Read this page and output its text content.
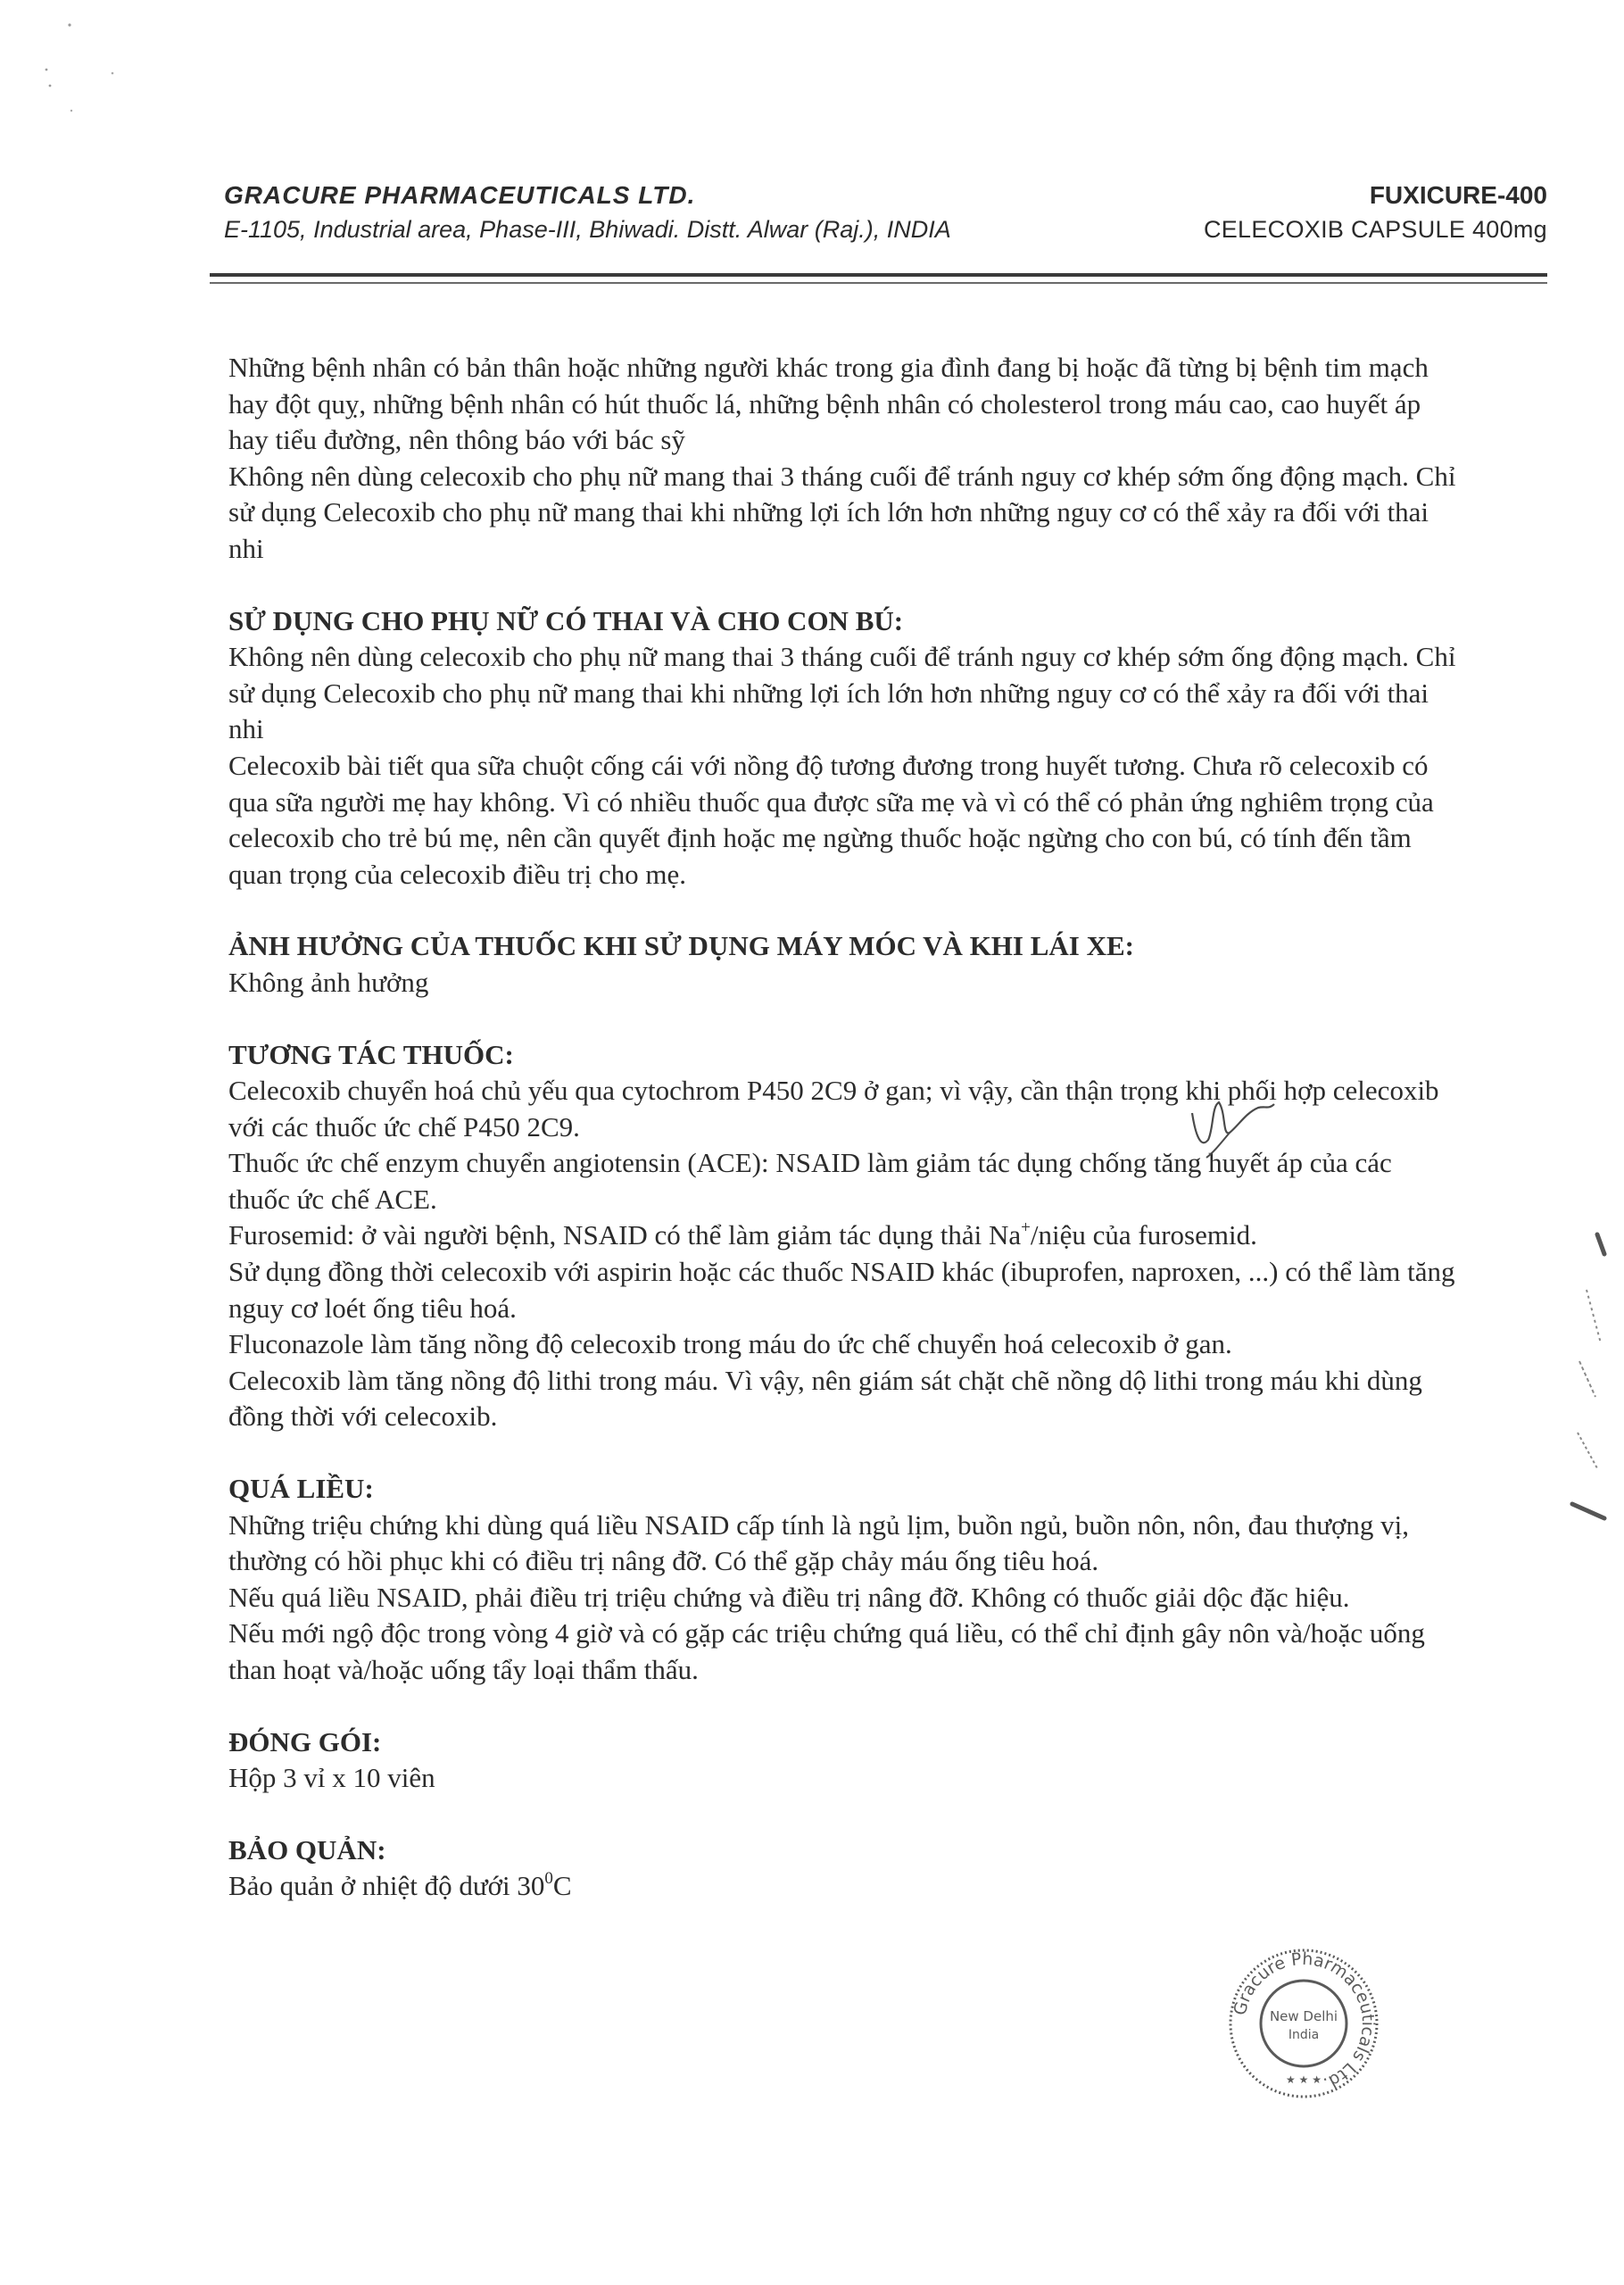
GRACURE PHARMACEUTICALS LTD.
E-1105, Industrial area, Phase-III, Bhiwadi. Distt. Alwar (Raj.), INDIA
FUXICURE-400
CELECOXIB CAPSULE 400mg

Những bệnh nhân có bản thân hoặc những người khác trong gia đình đang bị hoặc đã từng bị bệnh tim mạch hay đột quỵ, những bệnh nhân có hút thuốc lá, những bệnh nhân có cholesterol trong máu cao, cao huyết áp hay tiểu đường, nên thông báo với bác sỹ

Không nên dùng celecoxib cho phụ nữ mang thai 3 tháng cuối để tránh nguy cơ khép sớm ống động mạch. Chỉ sử dụng Celecoxib cho phụ nữ mang thai khi những lợi ích lớn hơn những nguy cơ có thể xảy ra đối với thai nhi

SỬ DỤNG CHO PHỤ NỮ CÓ THAI VÀ CHO CON BÚ:

Không nên dùng celecoxib cho phụ nữ mang thai 3 tháng cuối để tránh nguy cơ khép sớm ống động mạch. Chỉ sử dụng Celecoxib cho phụ nữ mang thai khi những lợi ích lớn hơn những nguy cơ có thể xảy ra đối với thai nhi

Celecoxib bài tiết qua sữa chuột cống cái với nồng độ tương đương trong huyết tương. Chưa rõ celecoxib có qua sữa người mẹ hay không. Vì có nhiều thuốc qua được sữa mẹ và vì có thể có phản ứng nghiêm trọng của celecoxib cho trẻ bú mẹ, nên cần quyết định hoặc mẹ ngừng thuốc hoặc ngừng cho con bú, có tính đến tầm quan trọng của celecoxib điều trị cho mẹ.

ẢNH HƯỞNG CỦA THUỐC KHI SỬ DỤNG MÁY MÓC VÀ KHI LÁI XE:

Không ảnh hưởng

TƯƠNG TÁC THUỐC:

Celecoxib chuyển hoá chủ yếu qua cytochrom P450 2C9 ở gan; vì vậy, cần thận trọng khi phối hợp celecoxib với các thuốc ức chế P450 2C9.

Thuốc ức chế enzym chuyển angiotensin (ACE): NSAID làm giảm tác dụng chống tăng huyết áp của các thuốc ức chế ACE.

Furosemid: ở vài người bệnh, NSAID có thể làm giảm tác dụng thải Na+/niệu của furosemid.

Sử dụng đồng thời celecoxib với aspirin hoặc các thuốc NSAID khác (ibuprofen, naproxen, ...) có thể làm tăng nguy cơ loét ống tiêu hoá.

Fluconazole làm tăng nồng độ celecoxib trong máu do ức chế chuyển hoá celecoxib ở gan.

Celecoxib làm tăng nồng độ lithi trong máu. Vì vậy, nên giám sát chặt chẽ nồng dộ lithi trong máu khi dùng đồng thời với celecoxib.

QUÁ LIỀU:

Những triệu chứng khi dùng quá liều NSAID cấp tính là ngủ lịm, buồn ngủ, buồn nôn, nôn, đau thượng vị, thường có hồi phục khi có điều trị nâng đỡ. Có thể gặp chảy máu ống tiêu hoá.

Nếu quá liều NSAID, phải điều trị triệu chứng và điều trị nâng đỡ. Không có thuốc giải dộc đặc hiệu.

Nếu mới ngộ độc trong vòng 4 giờ và có gặp các triệu chứng quá liều, có thể chỉ định gây nôn và/hoặc uống than hoạt và/hoặc uống tẩy loại thẩm thấu.

ĐÓNG GÓI:

Hộp 3 vỉ x 10 viên

BẢO QUẢN:

Bảo quản ở nhiệt độ dưới $30^0C$

Gracure Pharmaceuticals Ltd.
New Delhi
India
★ ★ ★
